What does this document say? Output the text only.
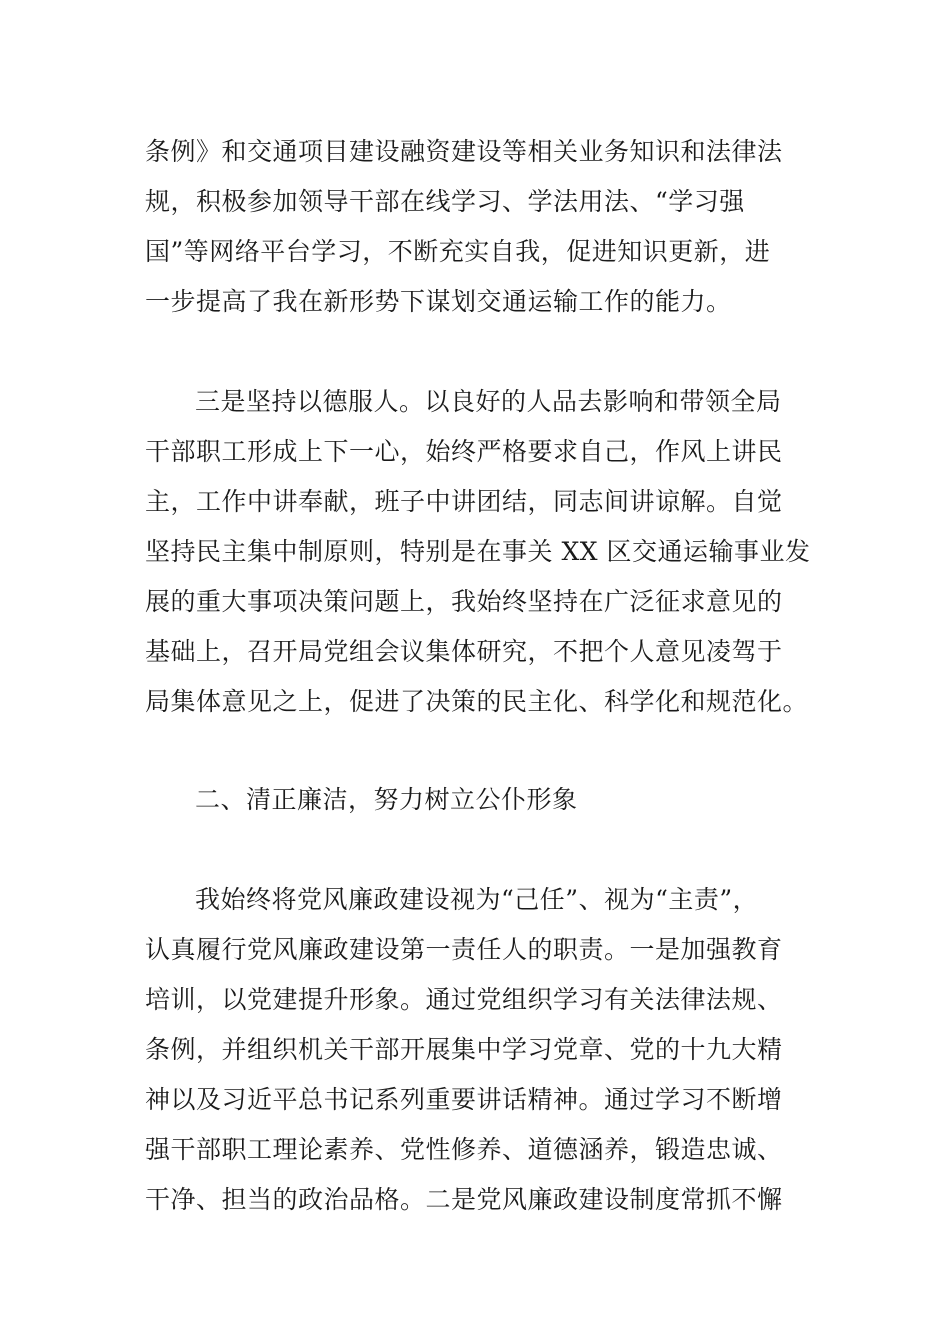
条例》和交通项目建设融资建设等相关业务知识和法律法
规，积极参加领导干部在线学习、学法用法、“学习强
国”等网络平台学习，不断充实自我，促进知识更新，进
一步提高了我在新形势下谋划交通运输工作的能力。
三是坚持以德服人。以良好的人品去影响和带领全局
干部职工形成上下一心，始终严格要求自己，作风上讲民
主，工作中讲奉献，班子中讲团结，同志间讲谅解。自觉
坚持民主集中制原则，特别是在事关 XX 区交通运输事业发
展的重大事项决策问题上，我始终坚持在广泛征求意见的
基础上，召开局党组会议集体研究，不把个人意见凌驾于
局集体意见之上，促进了决策的民主化、科学化和规范化。
二、清正廉洁，努力树立公仆形象
我始终将党风廉政建设视为“己任”、视为“主责”，
认真履行党风廉政建设第一责任人的职责。一是加强教育
培训，以党建提升形象。通过党组织学习有关法律法规、
条例，并组织机关干部开展集中学习党章、党的十九大精
神以及习近平总书记系列重要讲话精神。通过学习不断增
强干部职工理论素养、党性修养、道德涵养，锻造忠诚、
干净、担当的政治品格。二是党风廉政建设制度常抓不懈
